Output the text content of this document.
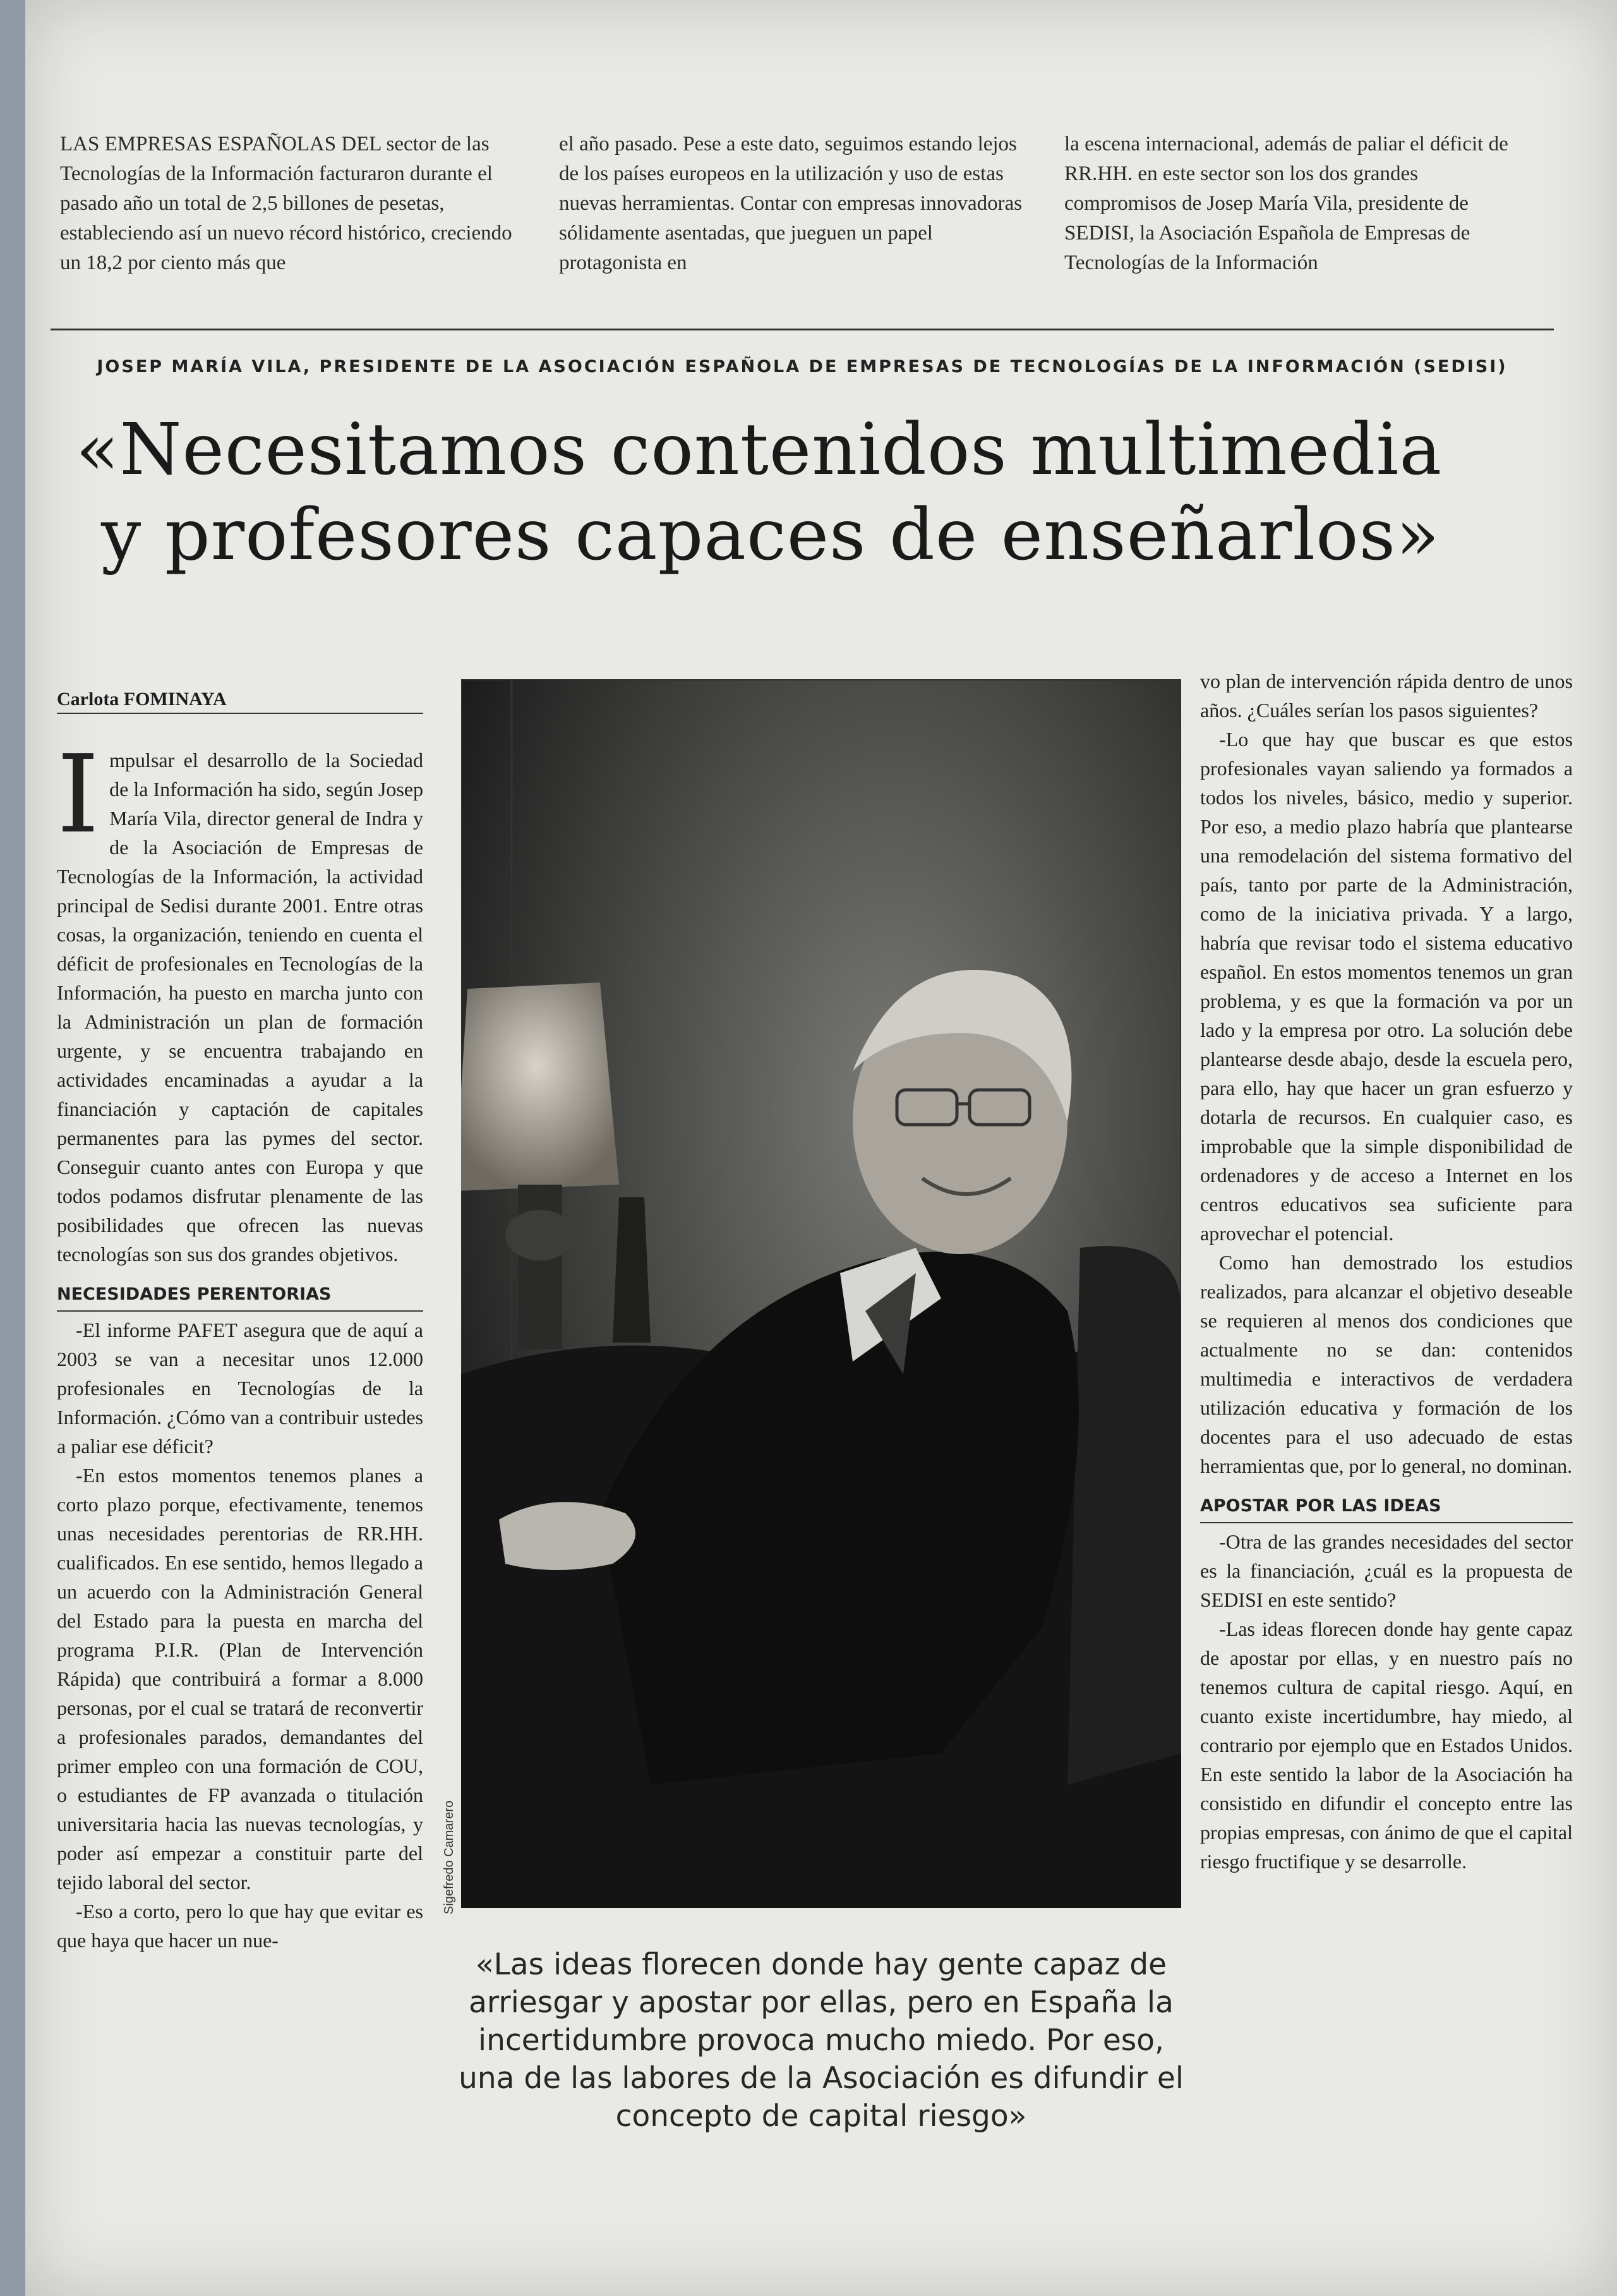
LAS EMPRESAS ESPAÑOLAS DEL sector de las Tecnologías de la Información facturaron durante el pasado año un total de 2,5 billones de pesetas, estableciendo así un nuevo récord histórico, creciendo un 18,2 por ciento más que
el año pasado. Pese a este dato, seguimos estando lejos de los países europeos en la utilización y uso de estas nuevas herramientas. Contar con empresas innovadoras sólidamente asentadas, que jueguen un papel protagonista en
la escena internacional, además de paliar el déficit de RR.HH. en este sector son los dos grandes compromisos de Josep María Vila, presidente de SEDISI, la Asociación Española de Empresas de Tecnologías de la Información
JOSEP MARÍA VILA, PRESIDENTE DE LA ASOCIACIÓN ESPAÑOLA DE EMPRESAS DE TECNOLOGÍAS DE LA INFORMACIÓN (SEDISI)
«Necesitamos contenidos multimedia
y profesores capaces de enseñarlos»
Carlota FOMINAYA

Impulsar el desarrollo de la Sociedad de la Información ha sido, según Josep María Vila, director general de Indra y de la Asociación de Empresas de Tecnologías de la Información, la actividad principal de Sedisi durante 2001. Entre otras cosas, la organización, teniendo en cuenta el déficit de profesionales en Tecnologías de la Información, ha puesto en marcha junto con la Administración un plan de formación urgente, y se encuentra trabajando en actividades encaminadas a ayudar a la financiación y captación de capitales permanentes para las pymes del sector. Conseguir cuanto antes con Europa y que todos podamos disfrutar plenamente de las posibilidades que ofrecen las nuevas tecnologías son sus dos grandes objetivos.

NECESIDADES PERENTORIAS

-El informe PAFET asegura que de aquí a 2003 se van a necesitar unos 12.000 profesionales en Tecnologías de la Información. ¿Cómo van a contribuir ustedes a paliar ese déficit?

-En estos momentos tenemos planes a corto plazo porque, efectivamente, tenemos unas necesidades perentorias de RR.HH. cualificados. En ese sentido, hemos llegado a un acuerdo con la Administración General del Estado para la puesta en marcha del programa P.I.R. (Plan de Intervención Rápida) que contribuirá a formar a 8.000 personas, por el cual se tratará de reconvertir a profesionales parados, demandantes del primer empleo con una formación de COU, o estudiantes de FP avanzada o titulación universitaria hacia las nuevas tecnologías, y poder así empezar a constituir parte del tejido laboral del sector.

-Eso a corto, pero lo que hay que evitar es que haya que hacer un nue-

Sigefredo Camarero

vo plan de intervención rápida dentro de unos años. ¿Cuáles serían los pasos siguientes?

-Lo que hay que buscar es que estos profesionales vayan saliendo ya formados a todos los niveles, básico, medio y superior. Por eso, a medio plazo habría que plantearse una remodelación del sistema formativo del país, tanto por parte de la Administración, como de la iniciativa privada. Y a largo, habría que revisar todo el sistema educativo español. En estos momentos tenemos un gran problema, y es que la formación va por un lado y la empresa por otro. La solución debe plantearse desde abajo, desde la escuela pero, para ello, hay que hacer un gran esfuerzo y dotarla de recursos. En cualquier caso, es improbable que la simple disponibilidad de ordenadores y de acceso a Internet en los centros educativos sea suficiente para aprovechar el potencial.

Como han demostrado los estudios realizados, para alcanzar el objetivo deseable se requieren al menos dos condiciones que actualmente no se dan: contenidos multimedia e interactivos de verdadera utilización educativa y formación de los docentes para el uso adecuado de estas herramientas que, por lo general, no dominan.

APOSTAR POR LAS IDEAS

-Otra de las grandes necesidades del sector es la financiación, ¿cuál es la propuesta de SEDISI en este sentido?

-Las ideas florecen donde hay gente capaz de apostar por ellas, y en nuestro país no tenemos cultura de capital riesgo. Aquí, en cuanto existe incertidumbre, hay miedo, al contrario por ejemplo que en Estados Unidos. En este sentido la labor de la Asociación ha consistido en difundir el concepto entre las propias empresas, con ánimo de que el capital riesgo fructifique y se desarrolle.

«Las ideas florecen donde hay gente capaz de arriesgar y apostar por ellas, pero en España la incertidumbre provoca mucho miedo. Por eso, una de las labores de la Asociación es difundir el concepto de capital riesgo»
